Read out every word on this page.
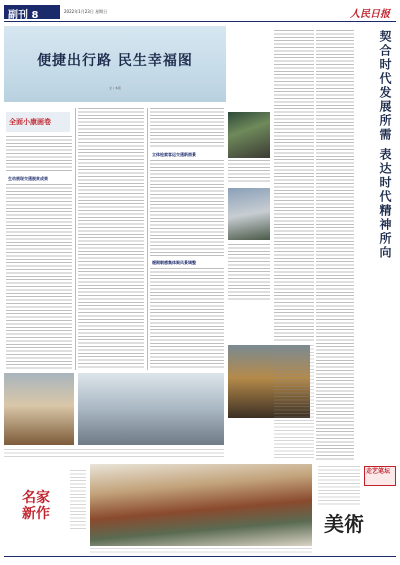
副刊 8	2022年1月23日 星期日	人民日报
便捷出行路 民生幸福图
文 / 本报
全面小康画卷
生动展现交通脱贫成果
立体检索客运交通新图景
缓期朝感集体聚风景调整
契合时代发展所需 表达时代精神所向
名家新作
走艺笔坛
美術
